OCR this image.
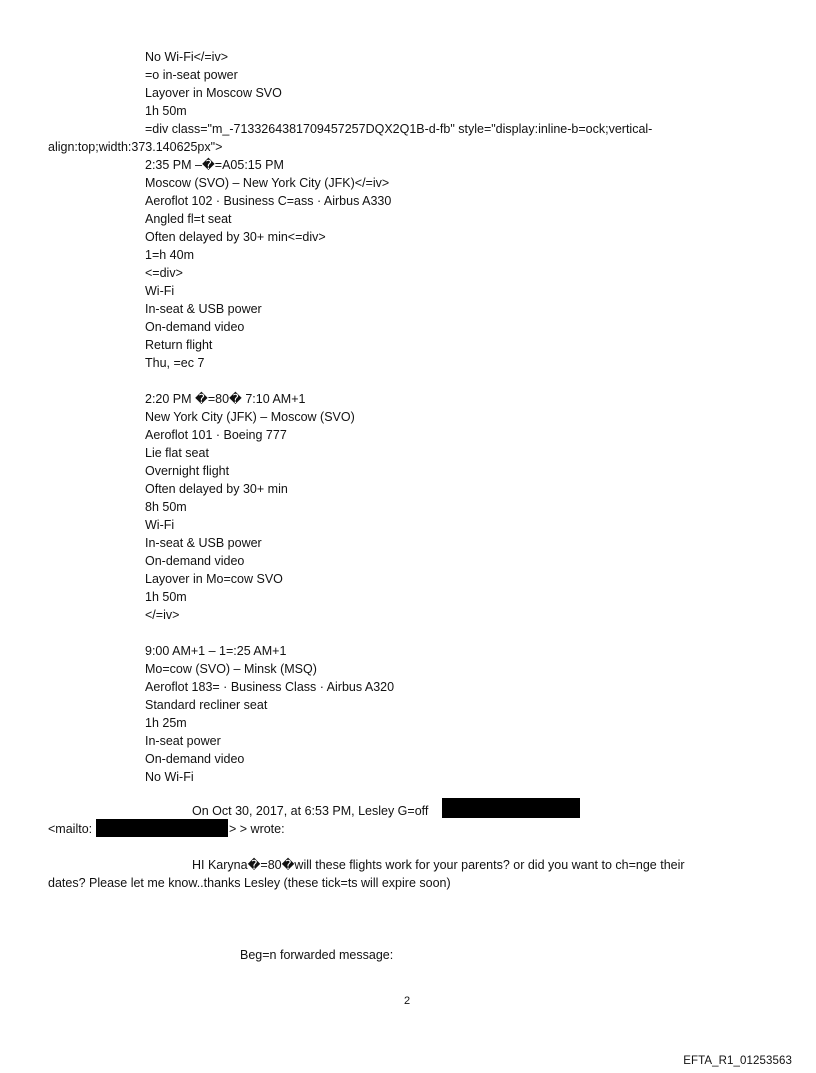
No Wi-Fi</=iv>
=o in-seat power
Layover in Moscow SVO
1h 50m
=div class="m_-7133264381709457257DQX2Q1B-d-fb" style="display:inline-b=ock;vertical-
align:top;width:373.140625px">
2:35 PM –�=A05:15 PM
Moscow (SVO) – New York City (JFK)</=iv>
Aeroflot 102 · Business C=ass · Airbus A330
Angled fl=t seat
Often delayed by 30+ min<=div>
1=h 40m
<=div>
Wi-Fi
In-seat & USB power
On-demand video
Return flight
Thu, =ec 7
2:20 PM �=80� 7:10 AM+1
New York City (JFK) – Moscow (SVO)
Aeroflot 101 · Boeing 777
Lie flat seat
Overnight flight
Often delayed by 30+ min
8h 50m
Wi-Fi
In-seat & USB power
On-demand video
Layover in Mo=cow SVO
1h 50m
</=iv>
9:00 AM+1 – 1=:25 AM+1
Mo=cow (SVO) – Minsk (MSQ)
Aeroflot 183= · Business Class · Airbus A320
Standard recliner seat
1h 25m
In-seat power
On-demand video
No Wi-Fi
On Oct 30, 2017, at 6:53 PM, Lesley G=off
<mailto:	> > wrote:
HI Karyna�=80�will these flights work for your parents? or did you want to ch=nge their
dates? Please let me know..thanks Lesley (these tick=ts will expire soon)
Beg=n forwarded message:
2
EFTA_R1_01253563
